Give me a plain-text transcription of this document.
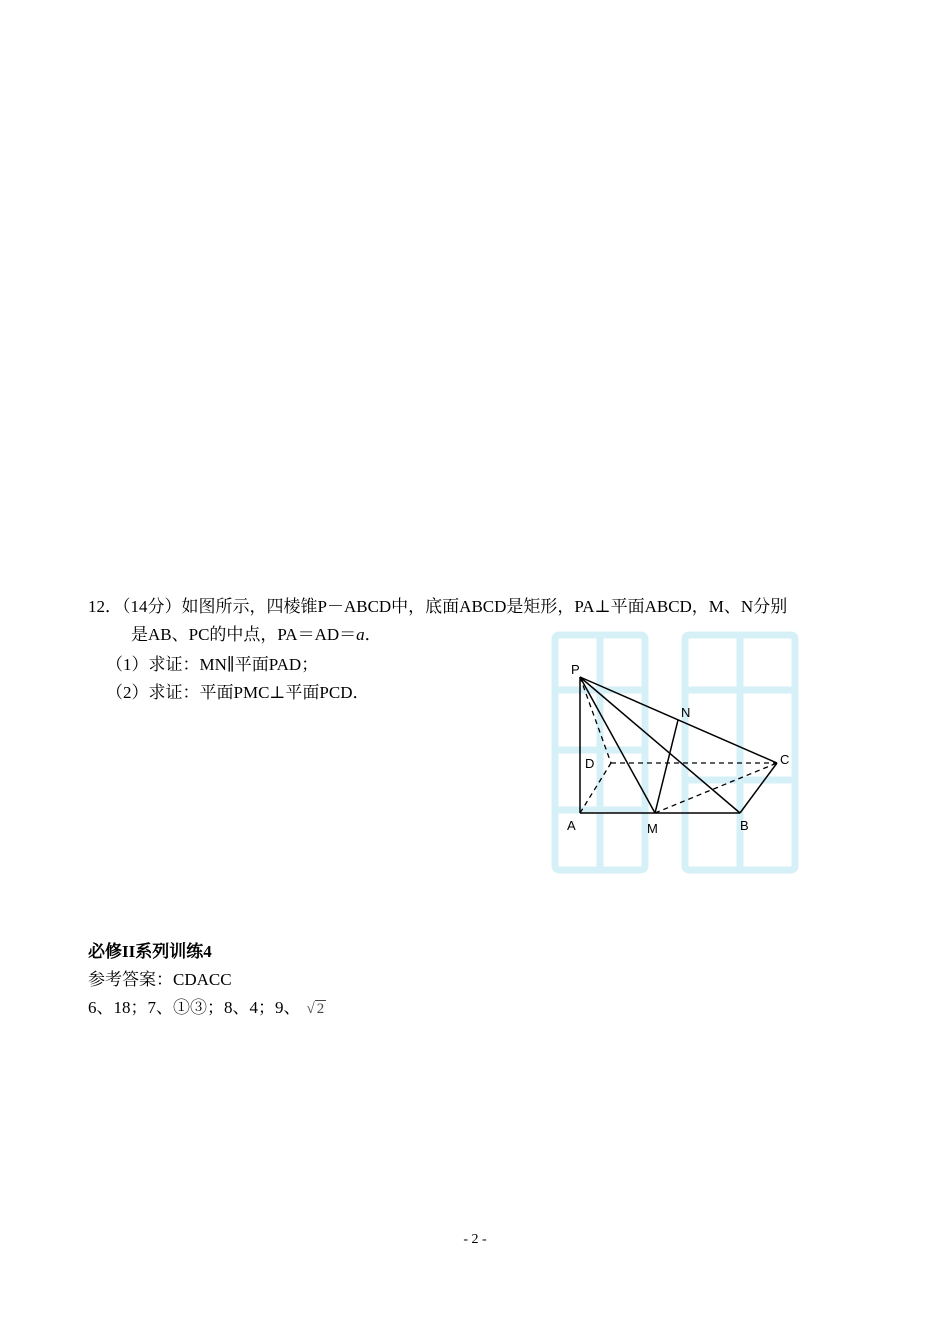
12．（14分）如图所示，四棱锥P－ABCD中，底面ABCD是矩形，PA⊥平面ABCD，M、N分别
是AB、PC的中点，PA＝AD＝a．
（1）求证：MN∥平面PAD；
（2）求证：平面PMC⊥平面PCD．
P
N
D	C
A	M	B
必修II系列训练4
参考答案：CDACC
6、18；7、①③；8、4；9、 √ 2
- 2 -
